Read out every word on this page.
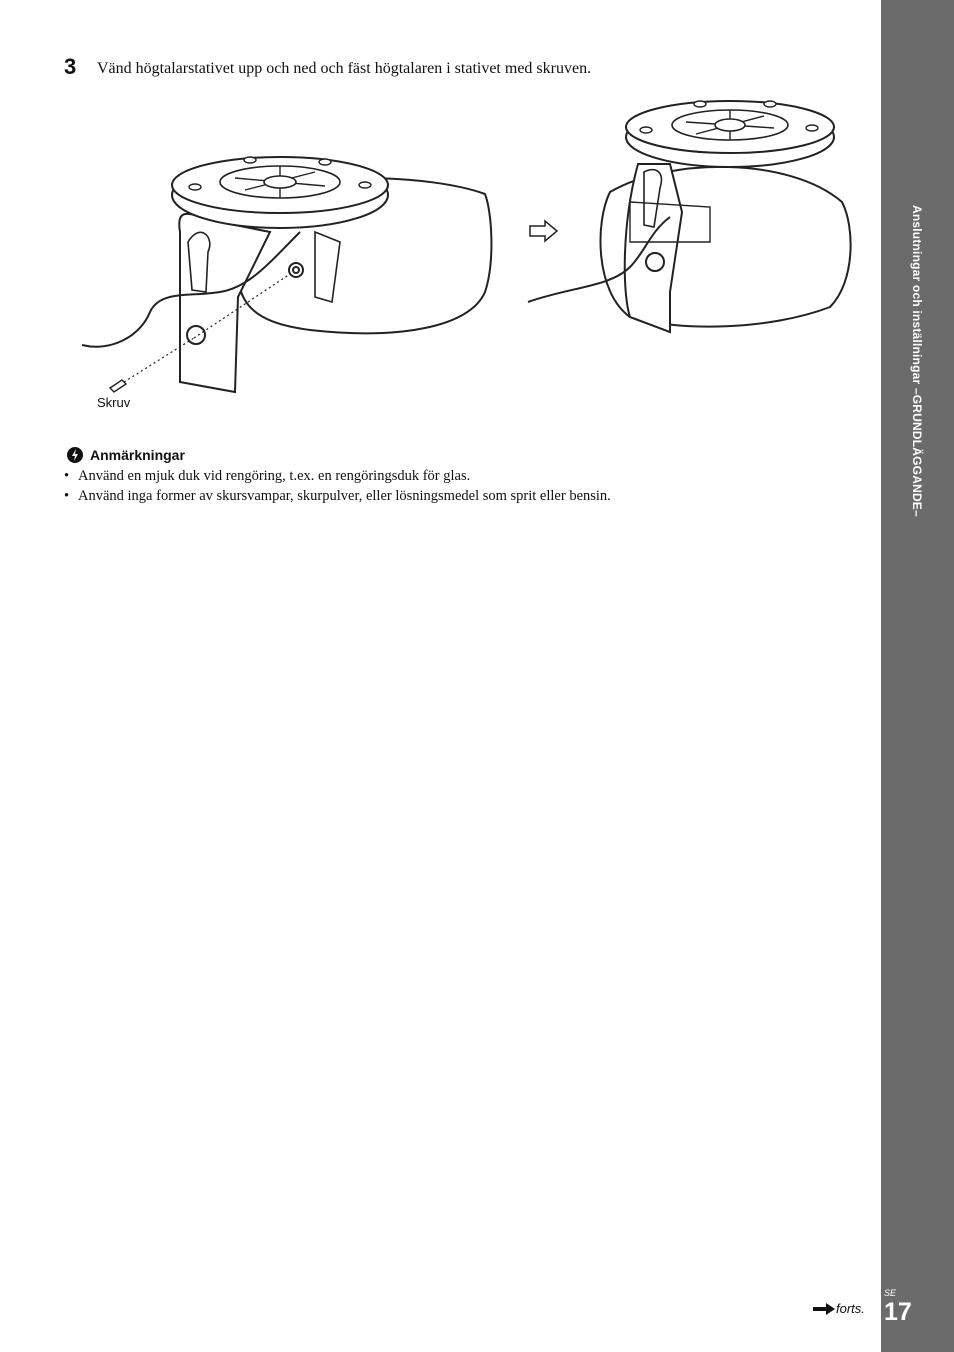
Anslutningar och inställningar –GRUNDLÄGGANDE–
3 Vänd högtalarstativet upp och ned och fäst högtalaren i stativet med skruven.
Skruv
Anmärkningar
• Använd en mjuk duk vid rengöring, t.ex. en rengöringsduk för glas.
• Använd inga former av skursvampar, skurpulver, eller lösningsmedel som sprit eller bensin.
forts.
SE
17
